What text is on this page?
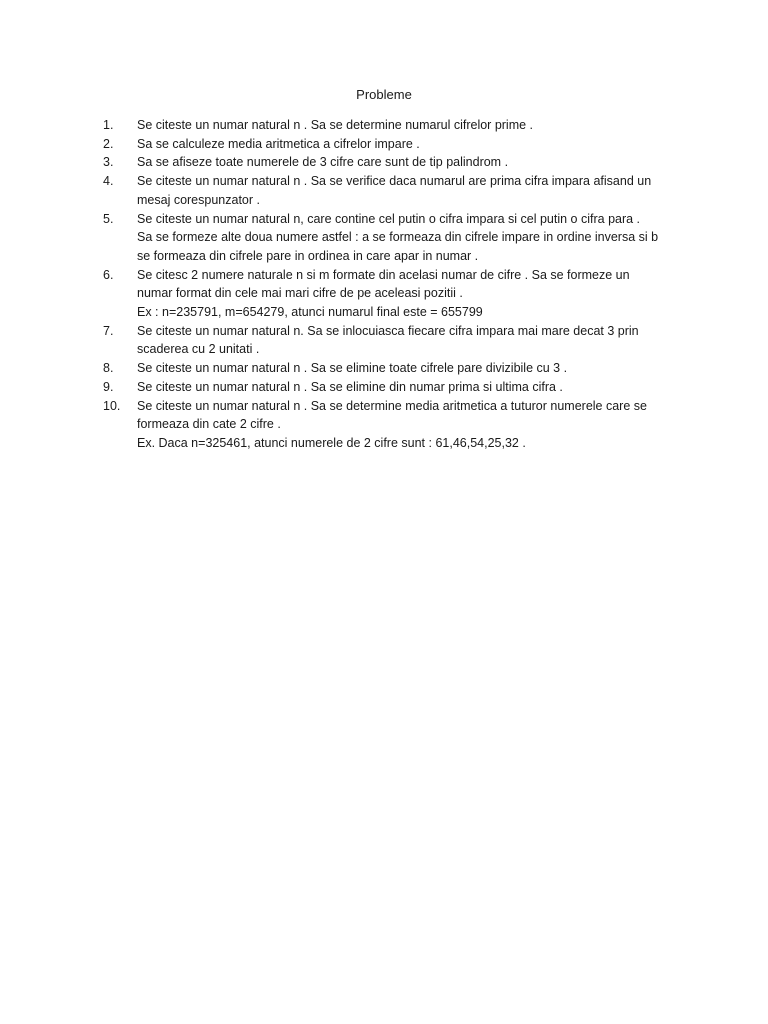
Probleme
1.	Se citeste un numar natural n . Sa se determine numarul cifrelor prime .
2.	Sa se calculeze media aritmetica a cifrelor impare .
3.	Sa se afiseze toate numerele de 3 cifre care sunt de tip palindrom .
4.	Se citeste un numar natural n . Sa se verifice daca numarul are prima cifra impara afisand un
mesaj corespunzator .
5.	Se citeste un numar natural n, care contine cel putin o cifra impara si cel putin o cifra para .
Sa se formeze alte doua numere astfel : a se formeaza din cifrele impare in ordine inversa si b
se formeaza din cifrele pare in ordinea in care apar in numar .
6.	Se citesc 2 numere naturale n si m formate din acelasi numar de cifre . Sa se formeze un
numar format din cele mai mari cifre de pe aceleasi pozitii .
Ex : n=235791, m=654279, atunci numarul final este = 655799
7.	Se citeste un numar natural n. Sa se inlocuiasca fiecare cifra impara mai mare decat 3 prin
scaderea cu 2 unitati .
8.	Se citeste un numar natural n . Sa se elimine toate cifrele pare divizibile cu 3 .
9.	Se citeste un numar natural n . Sa se elimine din numar prima si ultima cifra .
10.	Se citeste un numar natural n . Sa se determine media aritmetica a tuturor numerele care se
formeaza din cate 2 cifre .
Ex. Daca n=325461, atunci numerele de 2 cifre sunt : 61,46,54,25,32 .
